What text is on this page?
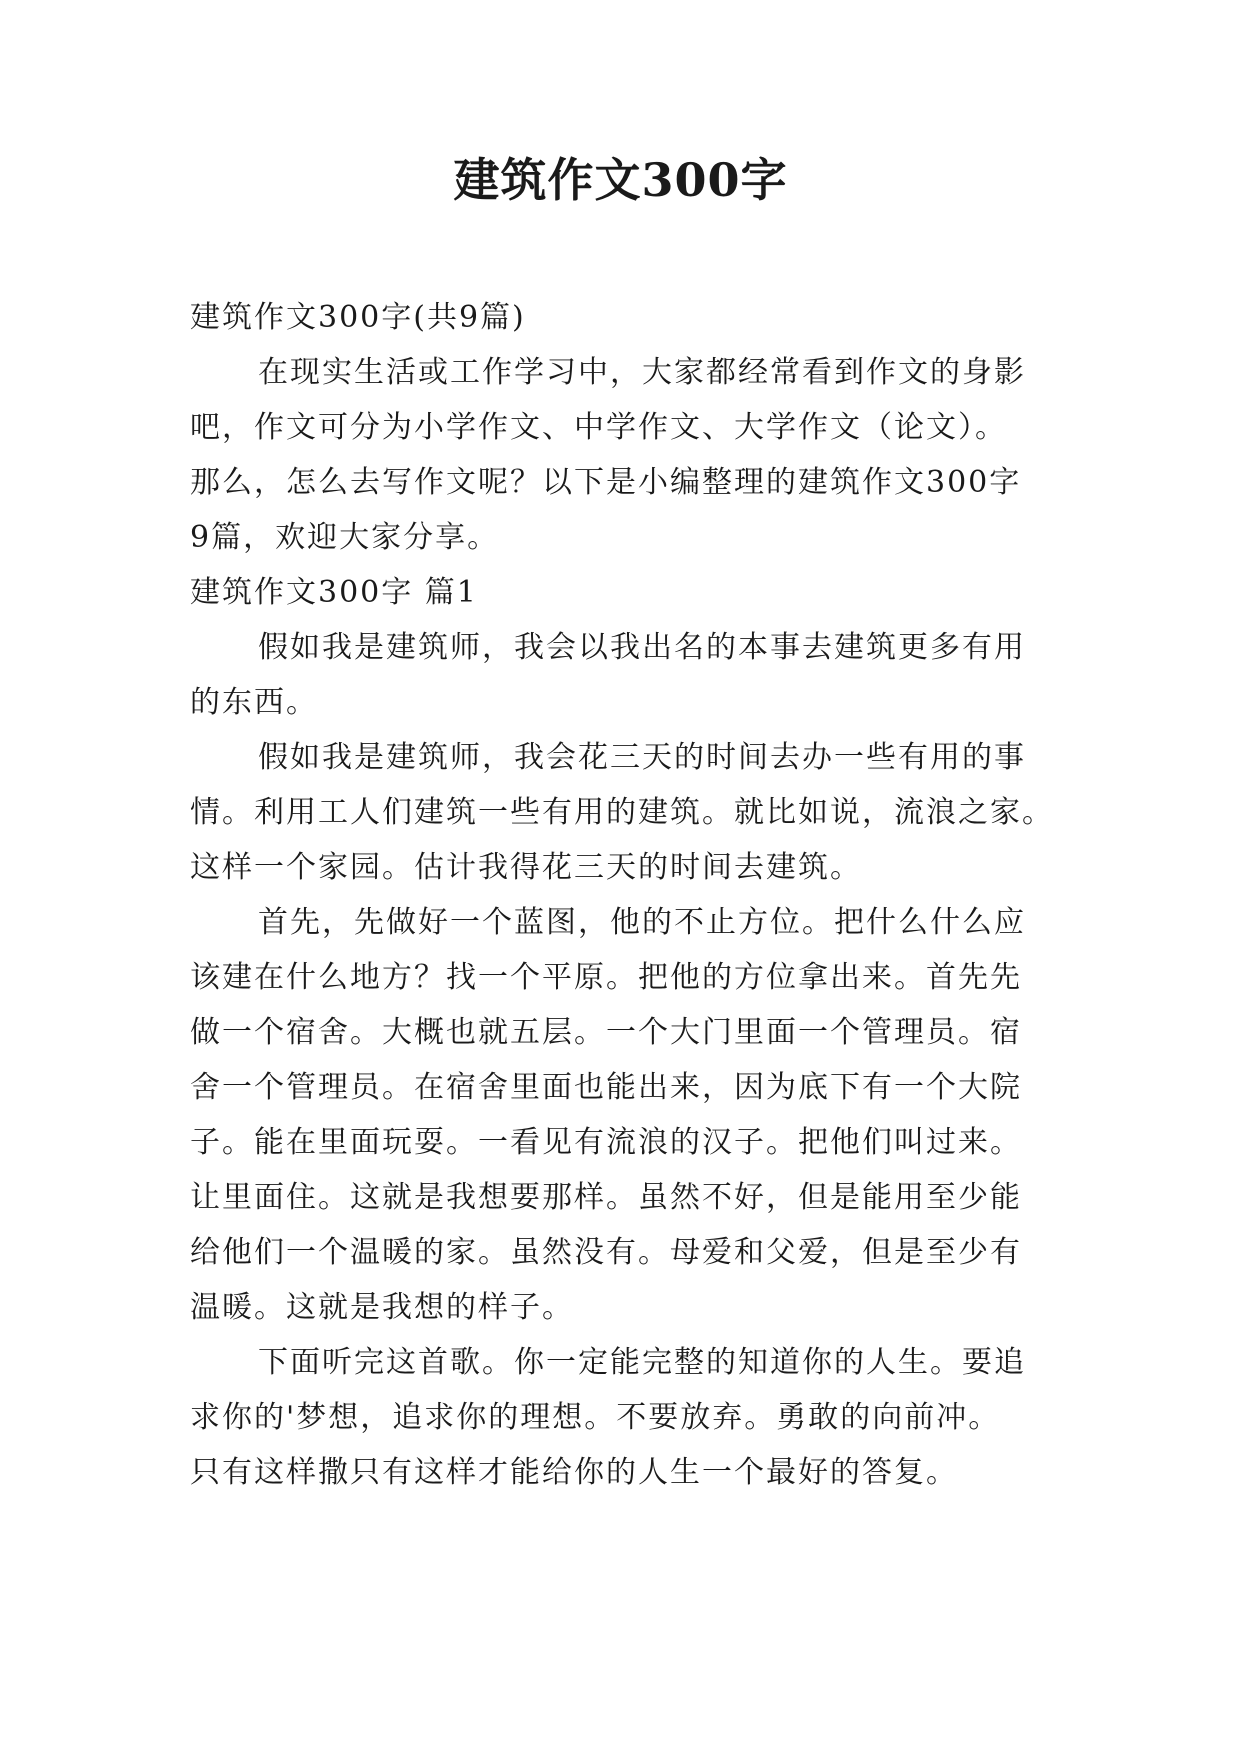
建筑作文300字

建筑作文300字(共9篇)

在现实生活或工作学习中，大家都经常看到作文的身影

吧，作文可分为小学作文、中学作文、大学作文（论文）。

那么，怎么去写作文呢？以下是小编整理的建筑作文300字

9篇，欢迎大家分享。

建筑作文300字 篇1

假如我是建筑师，我会以我出名的本事去建筑更多有用

的东西。

假如我是建筑师，我会花三天的时间去办一些有用的事

情。利用工人们建筑一些有用的建筑。就比如说，流浪之家。

这样一个家园。估计我得花三天的时间去建筑。

首先，先做好一个蓝图，他的不止方位。把什么什么应

该建在什么地方？找一个平原。把他的方位拿出来。首先先

做一个宿舍。大概也就五层。一个大门里面一个管理员。宿

舍一个管理员。在宿舍里面也能出来，因为底下有一个大院

子。能在里面玩耍。一看见有流浪的汉子。把他们叫过来。

让里面住。这就是我想要那样。虽然不好，但是能用至少能

给他们一个温暖的家。虽然没有。母爱和父爱，但是至少有

温暖。这就是我想的样子。

下面听完这首歌。你一定能完整的知道你的人生。要追

求你的'梦想，追求你的理想。不要放弃。勇敢的向前冲。

只有这样撒只有这样才能给你的人生一个最好的答复。
